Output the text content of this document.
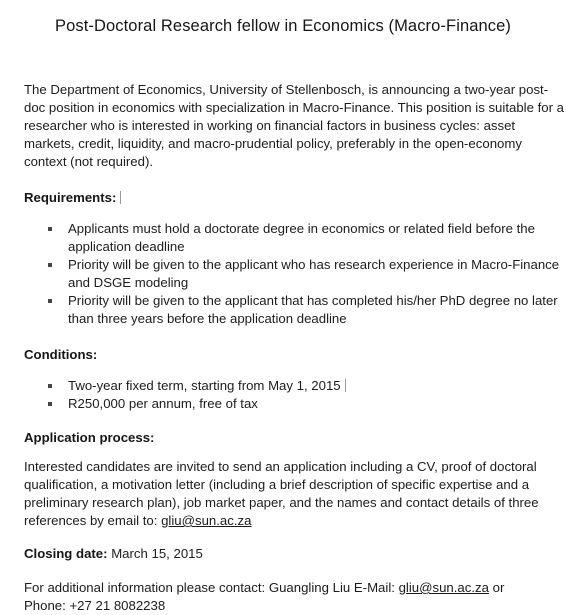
Post-Doctoral Research fellow in Economics (Macro-Finance)
The Department of Economics, University of Stellenbosch, is announcing a two-year post-doc position in economics with specialization in Macro-Finance. This position is suitable for a researcher who is interested in working on financial factors in business cycles: asset markets, credit, liquidity, and macro-prudential policy, preferably in the open-economy context (not required).
Requirements:
Applicants must hold a doctorate degree in economics or related field before the application deadline
Priority will be given to the applicant who has research experience in Macro-Finance and DSGE modeling
Priority will be given to the applicant that has completed his/her PhD degree no later than three years before the application deadline
Conditions:
Two-year fixed term, starting from May 1, 2015
R250,000 per annum, free of tax
Application process:
Interested candidates are invited to send an application including a CV, proof of doctoral qualification, a motivation letter (including a brief description of specific expertise and a preliminary research plan), job market paper, and the names and contact details of three references by email to: gliu@sun.ac.za
Closing date: March 15, 2015
For additional information please contact: Guangling Liu E-Mail: gliu@sun.ac.za or
Phone: +27 21 8082238
